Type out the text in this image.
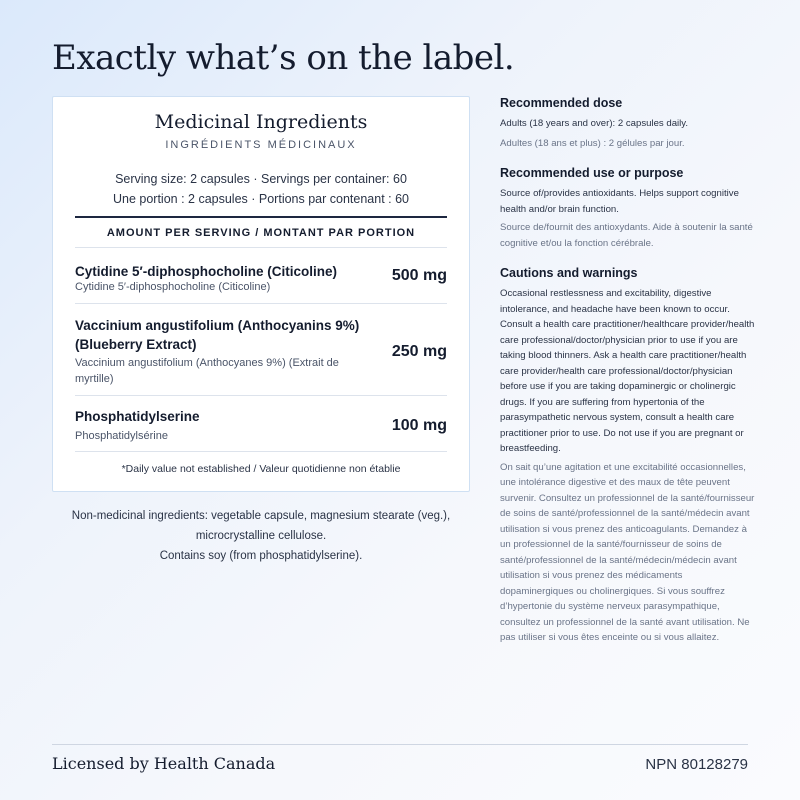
Exactly what’s on the label.
Medicinal Ingredients
INGRÉDIENTS MÉDICINAUX
Serving size: 2 capsules · Servings per container: 60
Une portion : 2 capsules · Portions par contenant : 60
AMOUNT PER SERVING / MONTANT PAR PORTION
Cytidine 5′-diphosphocholine (Citicoline)
Cytidine 5′-diphosphocholine (Citicoline)
500 mg
Vaccinium angustifolium (Anthocyanins 9%) (Blueberry Extract)
Vaccinium angustifolium (Anthocyanes 9%) (Extrait de myrtille)
250 mg
Phosphatidylserine
Phosphatidylsérine
100 mg
*Daily value not established / Valeur quotidienne non établie
Non-medicinal ingredients: vegetable capsule, magnesium stearate (veg.),
microcrystalline cellulose.
Contains soy (from phosphatidylserine).
Recommended dose

Adults (18 years and over): 2 capsules daily.

Adultes (18 ans et plus) : 2 gélules par jour.

Recommended use or purpose

Source of/provides antioxidants. Helps support cognitive health and/or brain function.

Source de/fournit des antioxydants. Aide à soutenir la santé cognitive et/ou la fonction cérébrale.

Cautions and warnings

Occasional restlessness and excitability, digestive intolerance, and headache have been known to occur. Consult a health care practitioner/healthcare provider/health care professional/doctor/physician prior to use if you are taking blood thinners. Ask a health care practitioner/health care provider/health care professional/doctor/physician before use if you are taking dopaminergic or cholinergic drugs. If you are suffering from hypertonia of the parasympathetic nervous system, consult a health care practitioner prior to use. Do not use if you are pregnant or breastfeeding.

On sait qu’une agitation et une excitabilité occasionnelles, une intolérance digestive et des maux de tête peuvent survenir. Consultez un professionnel de la santé/fournisseur de soins de santé/professionnel de la santé/médecin avant utilisation si vous prenez des anticoagulants. Demandez à un professionnel de la santé/fournisseur de soins de santé/professionnel de la santé/médecin/médecin avant utilisation si vous prenez des médicaments dopaminergiques ou cholinergiques. Si vous souffrez d’hypertonie du système nerveux parasympathique, consultez un professionnel de la santé avant utilisation. Ne pas utiliser si vous êtes enceinte ou si vous allaitez.

Licensed by Health Canada	NPN 80128279
